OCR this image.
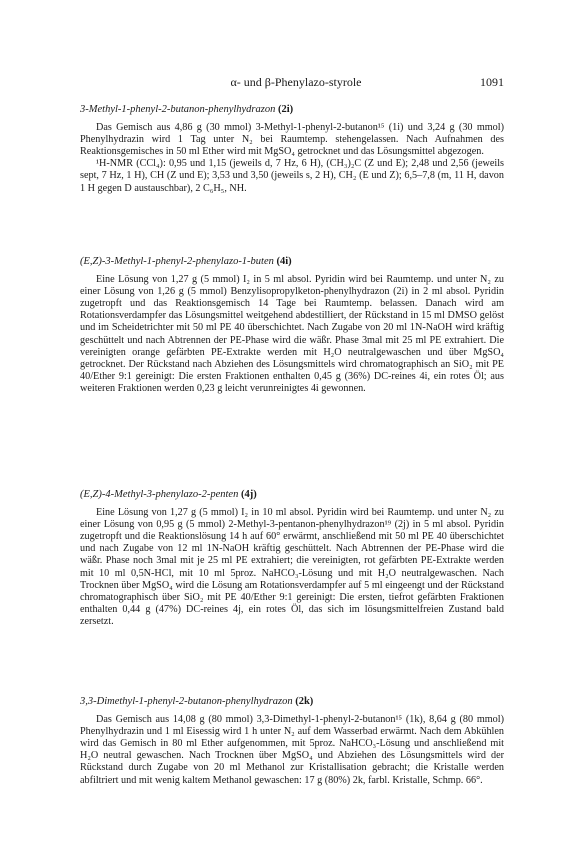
α- und β-Phenylazo-styrole	1091
3-Methyl-1-phenyl-2-butanon-phenylhydrazon (2i)

Das Gemisch aus 4,86 g (30 mmol) 3-Methyl-1-phenyl-2-butanon¹⁵ (1i) und 3,24 g (30 mmol) Phenylhydrazin wird 1 Tag unter N₂ bei Raumtemp. stehengelassen. Nach Aufnahmen des Reaktionsgemisches in 50 ml Ether wird mit MgSO₄ getrocknet und das Lösungsmittel abgezogen.

¹H-NMR (CCl₄): 0,95 und 1,15 (jeweils d, 7 Hz, 6 H), (CH₃)₂C (Z und E); 2,48 und 2,56 (jeweils sept, 7 Hz, 1 H), CH (Z und E); 3,53 und 3,50 (jeweils s, 2 H), CH₂ (E und Z); 6,5–7,8 (m, 11 H, davon 1 H gegen D austauschbar), 2 C₆H₅, NH.

(E,Z)-3-Methyl-1-phenyl-2-phenylazo-1-buten (4i)

Eine Lösung von 1,27 g (5 mmol) I₂ in 5 ml absol. Pyridin wird bei Raumtemp. und unter N₂ zu einer Lösung von 1,26 g (5 mmol) Benzylisopropylketon-phenylhydrazon (2i) in 2 ml absol. Pyridin zugetropft und das Reaktionsgemisch 14 Tage bei Raumtemp. belassen. Danach wird am Rotationsverdampfer das Lösungsmittel weitgehend abdestilliert, der Rückstand in 15 ml DMSO gelöst und im Scheidetrichter mit 50 ml PE 40 überschichtet. Nach Zugabe von 20 ml 1N-NaOH wird kräftig geschüttelt und nach Abtrennen der PE-Phase wird die wäßr. Phase 3mal mit 25 ml PE extrahiert. Die vereinigten orange gefärbten PE-Extrakte werden mit H₂O neutralgewaschen und über MgSO₄ getrocknet. Der Rückstand nach Abziehen des Lösungsmittels wird chromatographisch an SiO₂ mit PE 40/Ether 9:1 gereinigt: Die ersten Fraktionen enthalten 0,45 g (36%) DC-reines 4i, ein rotes Öl; aus weiteren Fraktionen werden 0,23 g leicht verunreinigtes 4i gewonnen.

(E,Z)-4-Methyl-3-phenylazo-2-penten (4j)

Eine Lösung von 1,27 g (5 mmol) I₂ in 10 ml absol. Pyridin wird bei Raumtemp. und unter N₂ zu einer Lösung von 0,95 g (5 mmol) 2-Methyl-3-pentanon-phenylhydrazon¹⁹ (2j) in 5 ml absol. Pyridin zugetropft und die Reaktionslösung 14 h auf 60° erwärmt, anschließend mit 50 ml PE 40 überschichtet und nach Zugabe von 12 ml 1N-NaOH kräftig geschüttelt. Nach Abtrennen der PE-Phase wird die wäßr. Phase noch 3mal mit je 25 ml PE extrahiert; die vereinigten, rot gefärbten PE-Extrakte werden mit 10 ml 0,5N-HCl, mit 10 ml 5proz. NaHCO₃-Lösung und mit H₂O neutralgewaschen. Nach Trocknen über MgSO₄ wird die Lösung am Rotationsverdampfer auf 5 ml eingeengt und der Rückstand chromatographisch über SiO₂ mit PE 40/Ether 9:1 gereinigt: Die ersten, tiefrot gefärbten Fraktionen enthalten 0,44 g (47%) DC-reines 4j, ein rotes Öl, das sich im lösungsmittelfreien Zustand bald zersetzt.

3,3-Dimethyl-1-phenyl-2-butanon-phenylhydrazon (2k)

Das Gemisch aus 14,08 g (80 mmol) 3,3-Dimethyl-1-phenyl-2-butanon¹⁵ (1k), 8,64 g (80 mmol) Phenylhydrazin und 1 ml Eisessig wird 1 h unter N₂ auf dem Wasserbad erwärmt. Nach dem Abkühlen wird das Gemisch in 80 ml Ether aufgenommen, mit 5proz. NaHCO₃-Lösung und anschließend mit H₂O neutral gewaschen. Nach Trocknen über MgSO₄ und Abziehen des Lösungsmittels wird der Rückstand durch Zugabe von 20 ml Methanol zur Kristallisation gebracht; die Kristalle werden abfiltriert und mit wenig kaltem Methanol gewaschen: 17 g (80%) 2k, farbl. Kristalle, Schmp. 66°.
